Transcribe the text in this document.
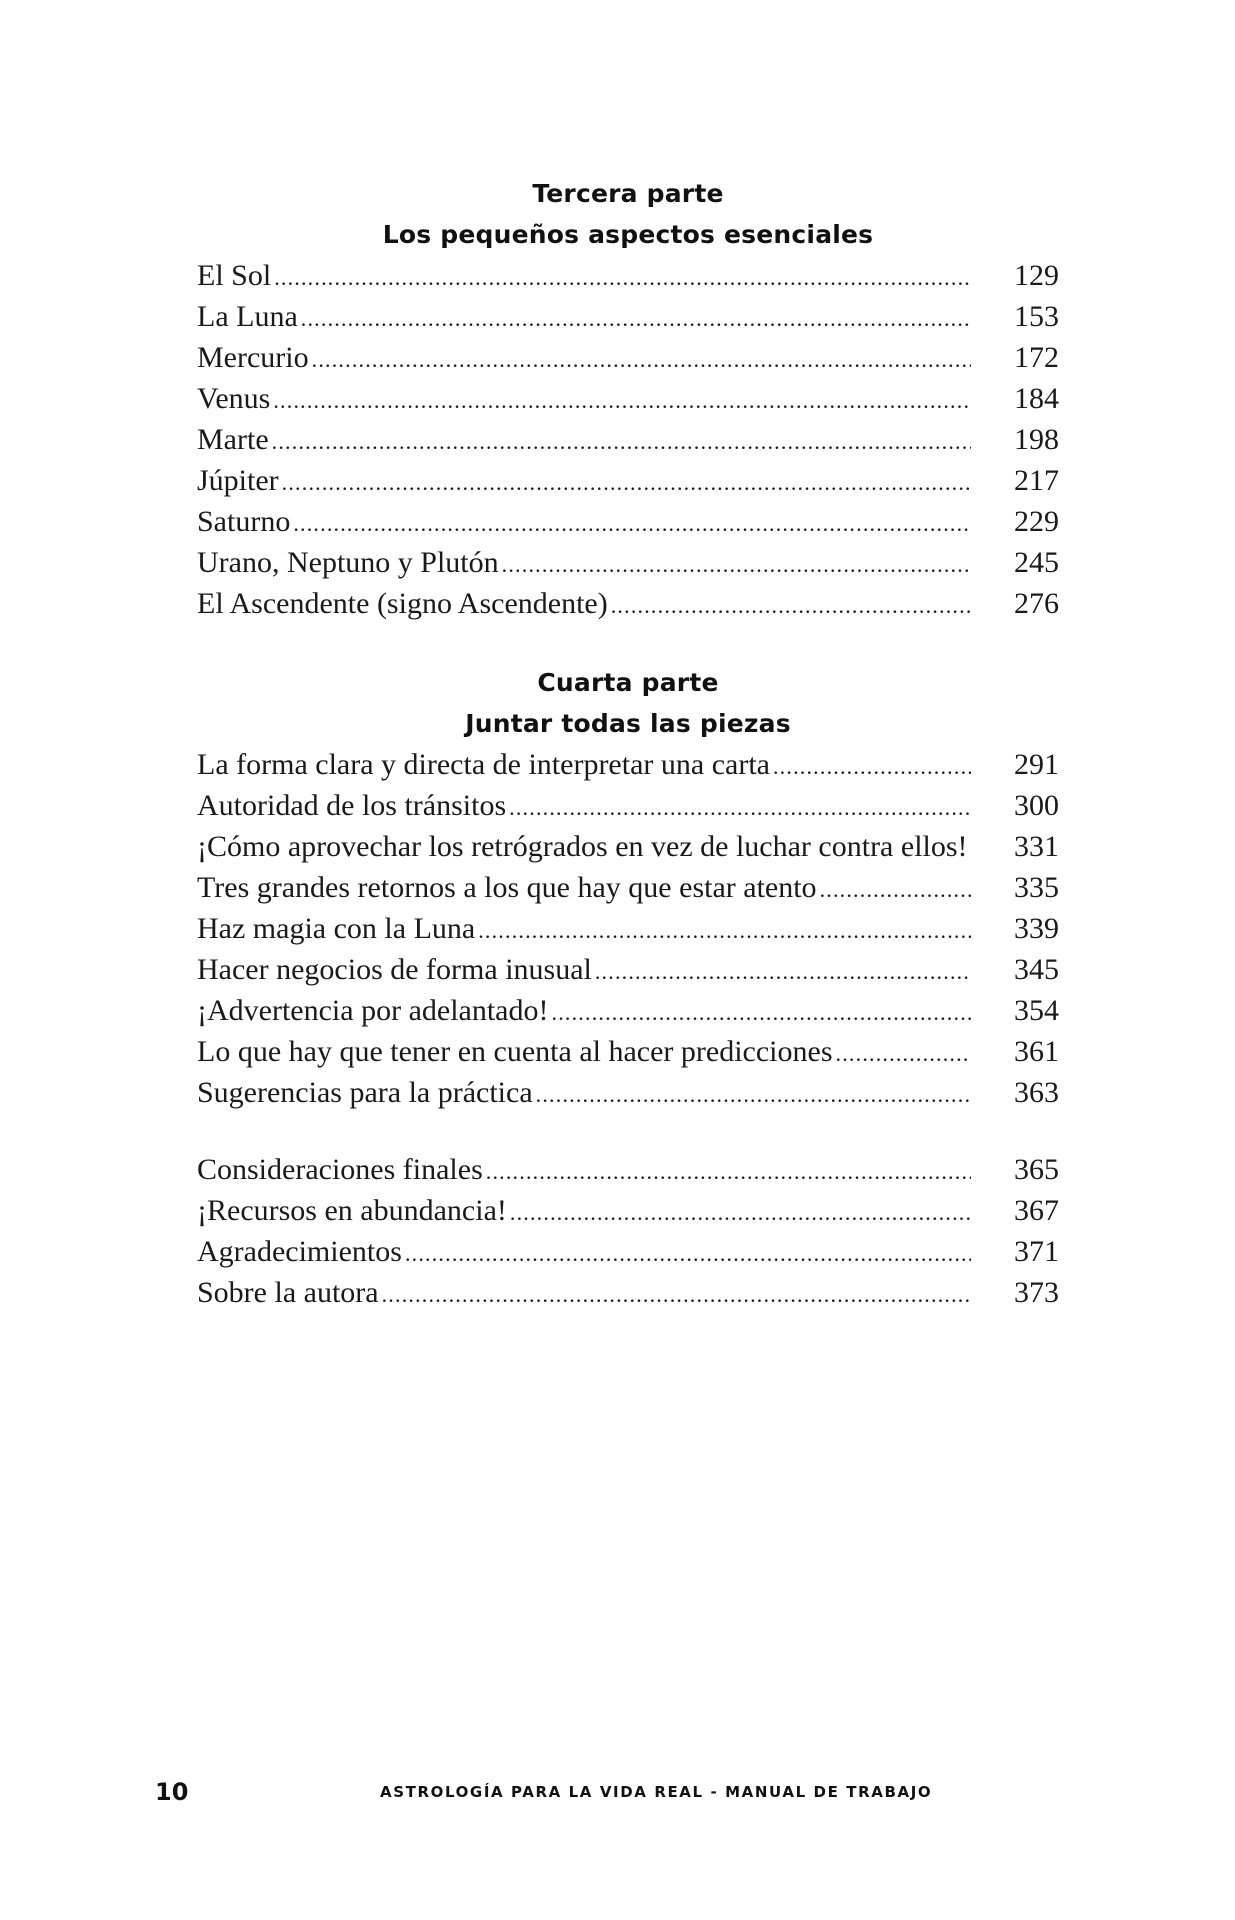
Tercera parte
Los pequeños aspectos esenciales
El Sol .....	129
La Luna .....	153
Mercurio .....	172
Venus .....	184
Marte .....	198
Júpiter .....	217
Saturno .....	229
Urano, Neptuno y Plutón .....	245
El Ascendente (signo Ascendente) .....	276
Cuarta parte
Juntar todas las piezas
La forma clara y directa de interpretar una carta .....	291
Autoridad de los tránsitos .....	300
¡Cómo aprovechar los retrógrados en vez de luchar contra ellos! .....	331
Tres grandes retornos a los que hay que estar atento .....	335
Haz magia con la Luna .....	339
Hacer negocios de forma inusual .....	345
¡Advertencia por adelantado! .....	354
Lo que hay que tener en cuenta al hacer predicciones .....	361
Sugerencias para la práctica .....	363
Consideraciones finales .....	365
¡Recursos en abundancia! .....	367
Agradecimientos .....	371
Sobre la autora .....	373
10	ASTROLOGÍA PARA LA VIDA REAL - MANUAL DE TRABAJO
